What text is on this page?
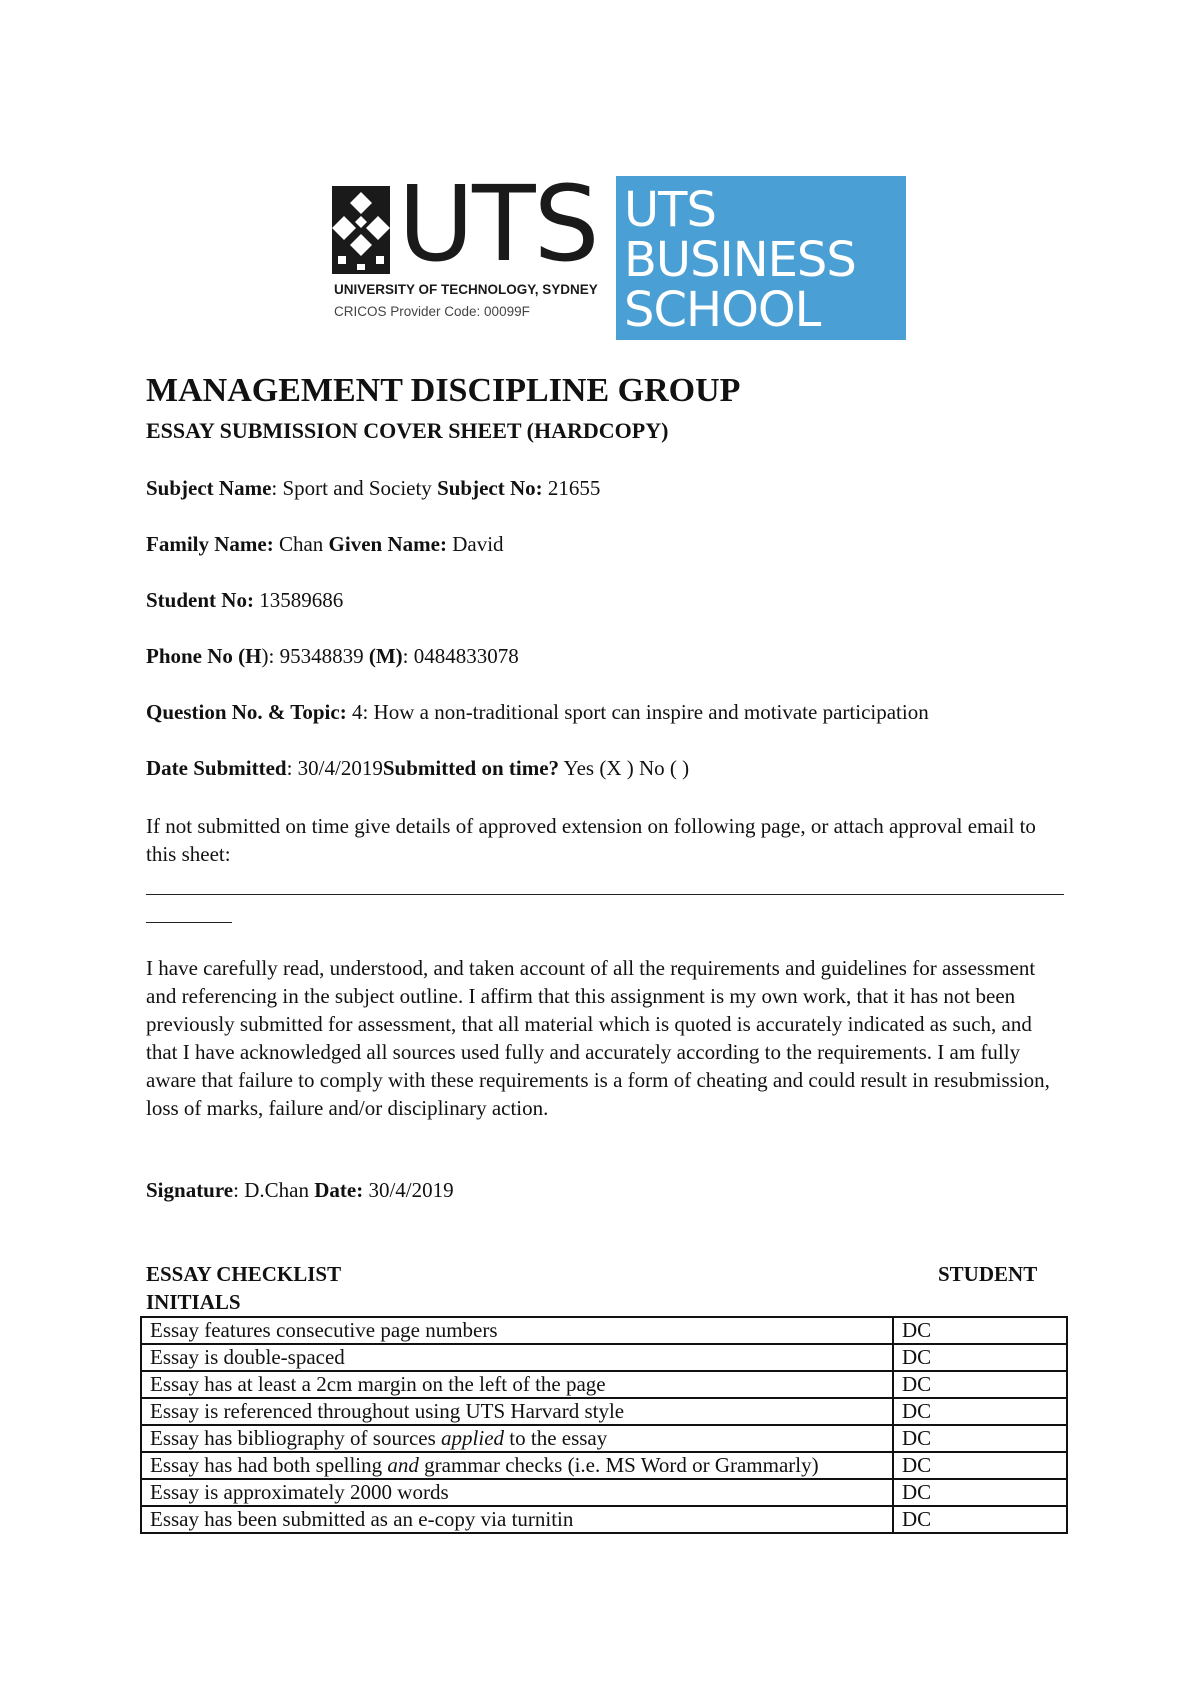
UTS
UNIVERSITY OF TECHNOLOGY, SYDNEY
CRICOS Provider Code: 00099F
UTS
BUSINESS
SCHOOL
MANAGEMENT DISCIPLINE GROUP
ESSAY SUBMISSION COVER SHEET (HARDCOPY)
Subject Name: Sport and Society Subject No: 21655
Family Name: Chan Given Name: David
Student No: 13589686
Phone No (H): 95348839 (M): 0484833078
Question No. & Topic: 4: How a non-traditional sport can inspire and motivate participation
Date Submitted: 30/4/2019Submitted on time? Yes (X ) No ( )
If not submitted on time give details of approved extension on following page, or attach approval email to this sheet:
I have carefully read, understood, and taken account of all the requirements and guidelines for assessment and referencing in the subject outline. I affirm that this assignment is my own work, that it has not been previously submitted for assessment, that all material which is quoted is accurately indicated as such, and that I have acknowledged all sources used fully and accurately according to the requirements. I am fully aware that failure to comply with these requirements is a form of cheating and could result in resubmission, loss of marks, failure and/or disciplinary action.
Signature: D.Chan Date: 30/4/2019
ESSAY CHECKLIST
INITIALS
STUDENT
Essay features consecutive page numbers	DC
Essay is double-spaced	DC
Essay has at least a 2cm margin on the left of the page	DC
Essay is referenced throughout using UTS Harvard style	DC
Essay has bibliography of sources applied to the essay	DC
Essay has had both spelling and grammar checks (i.e. MS Word or Grammarly)	DC
Essay is approximately 2000 words	DC
Essay has been submitted as an e-copy via turnitin	DC
